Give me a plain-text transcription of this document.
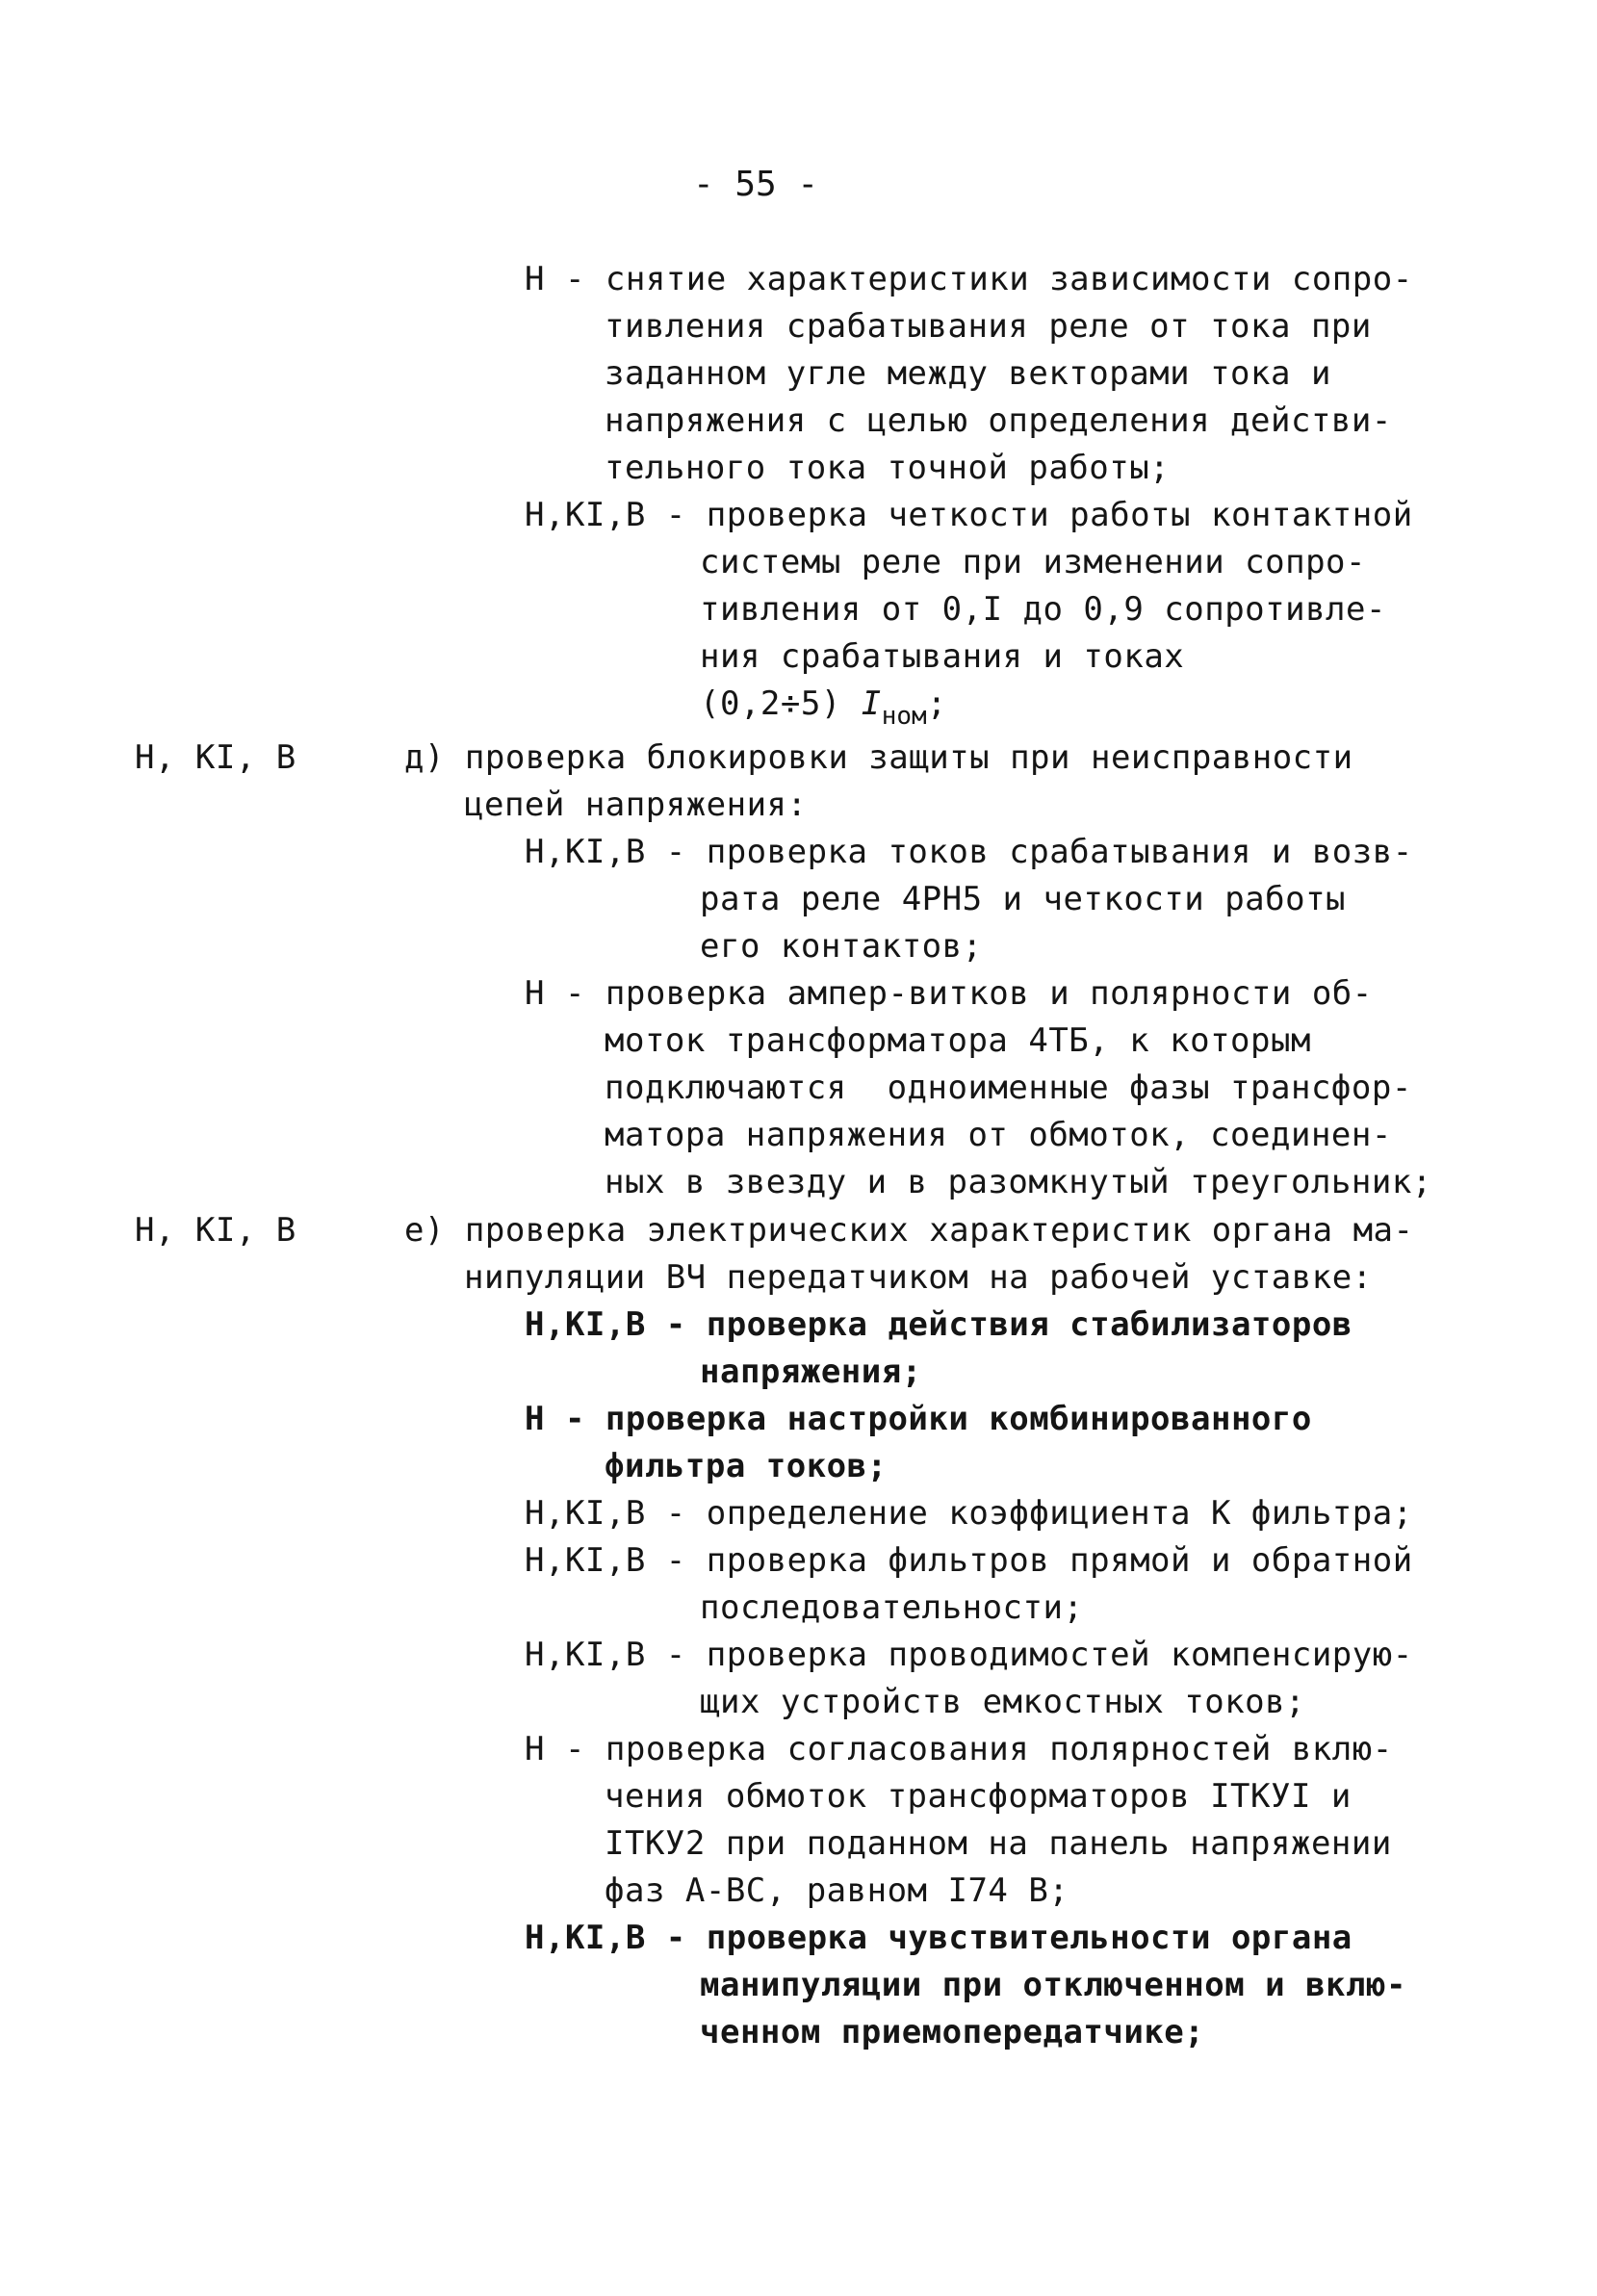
- 55 -
Н - снятие характеристики зависимости сопро-
тивления срабатывания реле от тока при
заданном угле между векторами тока и
напряжения с целью определения действи-
тельного тока точной работы;
Н,КI,В - проверка четкости работы контактной
системы реле при изменении сопро-
тивления от 0,I до 0,9 сопротивле-
ния срабатывания и токах
(0,2÷5) $I_{ном}$;
Н, КI, В	д) проверка блокировки защиты при неисправности
цепей напряжения:
Н,КI,В - проверка токов срабатывания и возв-
рата реле 4РН5 и четкости работы
его контактов;
Н - проверка ампер-витков и полярности об-
моток трансформатора 4ТБ, к которым
подключаются  одноименные фазы трансфор-
матора напряжения от обмоток, соединен-
ных в звезду и в разомкнутый треугольник;
Н, КI, В	е) проверка электрических характеристик органа ма-
нипуляции ВЧ передатчиком на рабочей уставке:
Н,КI,В - проверка действия стабилизаторов
напряжения;
Н - проверка настройки комбинированного
фильтра токов;
Н,КI,В - определение коэффициента К фильтра;
Н,КI,В - проверка фильтров прямой и обратной
последовательности;
Н,КI,В - проверка проводимостей компенсирую-
щих устройств емкостных токов;
Н - проверка согласования полярностей вклю-
чения обмоток трансформаторов IТКУI и
IТКУ2 при поданном на панель напряжении
фаз А-ВС, равном I74 В;
Н,КI,В - проверка чувствительности органа
манипуляции при отключенном и вклю-
ченном приемопередатчике;
